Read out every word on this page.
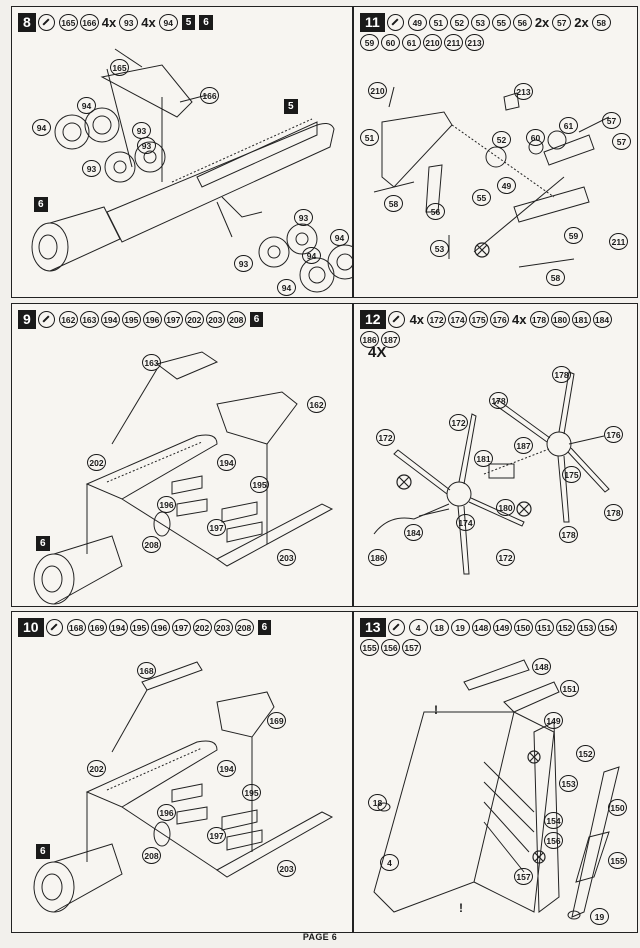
8	165 166 4x 93 4x 94	5	6
165
166
94
93
93
94
93
94
93
93
94
94
5
6
11	49	51	52	53	55	56 2x 57 2x 58
59	60	61	210 211 213
210	213
51	52	60
61	57
57
58
56
55
49
53
59
211
58
9	162 163 194 195 196 197 202 203 208	6
163
162
202	194
195
196
197
208
203
6
12	4x 172 174 175 176 4x 178 180 181 184
186 187
4X
178
178
172
176
187
181
175
172
180
174
184
186	172
178
178
10	168 169 194 195 196 197 202 203 208	6
168
169
202	194
195
196
197
208
203
6
13	4	18	19	148 149 150 151 152 153 154
155 156 157
!
!
148
151
149
152
153
150
154
156
157
155
18
4
19
PAGE 6
